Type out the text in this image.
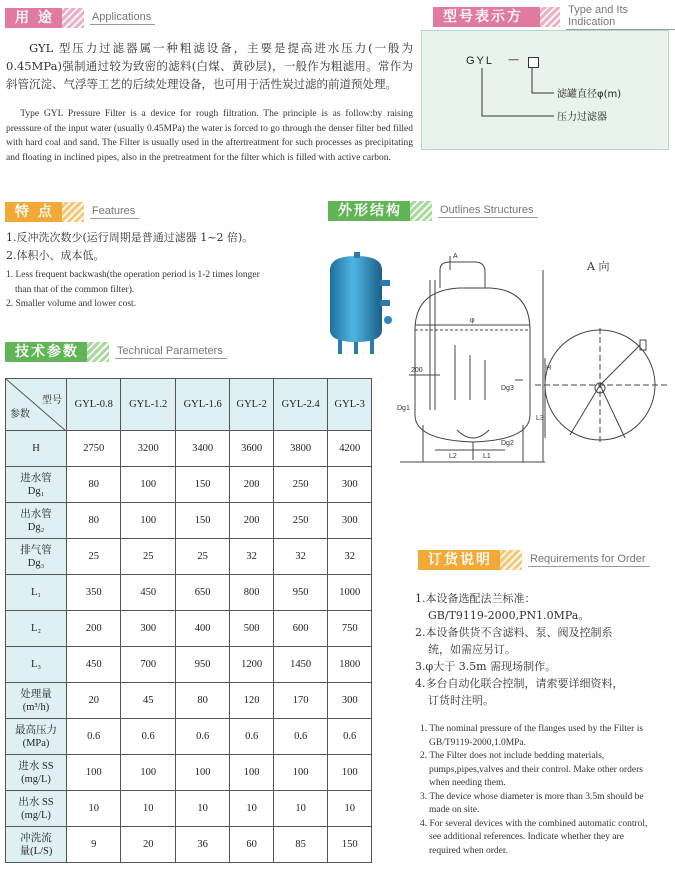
用 途	Applications
GYL 型压力过滤器属一种粗滤设备，主要是提高进水压力(一般为0.45MPa)强制通过较为致密的滤料(白煤、黄砂层)，一般作为粗滤用。常作为斜管沉淀、气浮等工艺的后续处理设备，也可用于活性炭过滤的前道预处理。
Type GYL Pressure Filter is a device for rough filtration. The principle is as follow:by raising presssure of the input water (usually 0.45MPa) the water is forced to go through the denser filter bed filled with hard coal and sand. The Filter is usually used in the aftertreatment for such processes as precipitating and floating in inclined pipes, also in the pretreatment for the filter which is filled with active carbon.
型号表示方	Type and Its Indication
GYL —
滤罐直径φ(m)
压力过滤器
特 点	Features
1.反冲洗次数少(运行周期是普通过滤器 1~2 倍)。
2.体积小、成本低。
1. Less frequent backwash(the operation period is 1-2 times longer
than that of the common filter).
2. Smaller volume and lower cost.
外形结构	Outlines Structures
A
φ
H
Dg1
Dg2
Dg3
L1
L2
L3
200
A 向
技术参数	Technical Parameters
型号
参数	GYL-0.8	GYL-1.2	GYL-1.6	GYL-2	GYL-2.4	GYL-3

H	2750	3200	3400	3600	3800	4200

进水管
Dg₁	80	100	150	200	250	300

出水管
Dg₂	80	100	150	200	250	300

排气管
Dg₃	25	25	25	32	32	32

L₁	350	450	650	800	950	1000

L₂	200	300	400	500	600	750

L₃	450	700	950	1200	1450	1800

处理量
(m³/h)	20	45	80	120	170	300

最高压力
(MPa)	0.6	0.6	0.6	0.6	0.6	0.6

进水 SS
(mg/L)	100	100	100	100	100	100

出水 SS
(mg/L)	10	10	10	10	10	10

冲洗流
量(L/S)	9	20	36	60	85	150
订货说明	Requirements for Order
1.本设备选配法兰标准：
GB/T9119-2000,PN1.0MPa。
2.本设备供货不含滤料、泵、阀及控制系
统，如需应另订。
3.φ大于 3.5m 需现场制作。
4.多台自动化联合控制，请索要详细资料，
订货时注明。
1. The nominal pressure of the flanges used by the Filter is
GB/T9119-2000,1.0MPa.
2. The Filter does not include bedding materials,
pumps,pipes,valves and their control. Make other orders
when needing them.
3. The device whose diameter is more than 3.5m should be
made on site.
4. For several devices with the combined automatic control,
see additional references. Indicate whether they are
required when order.
